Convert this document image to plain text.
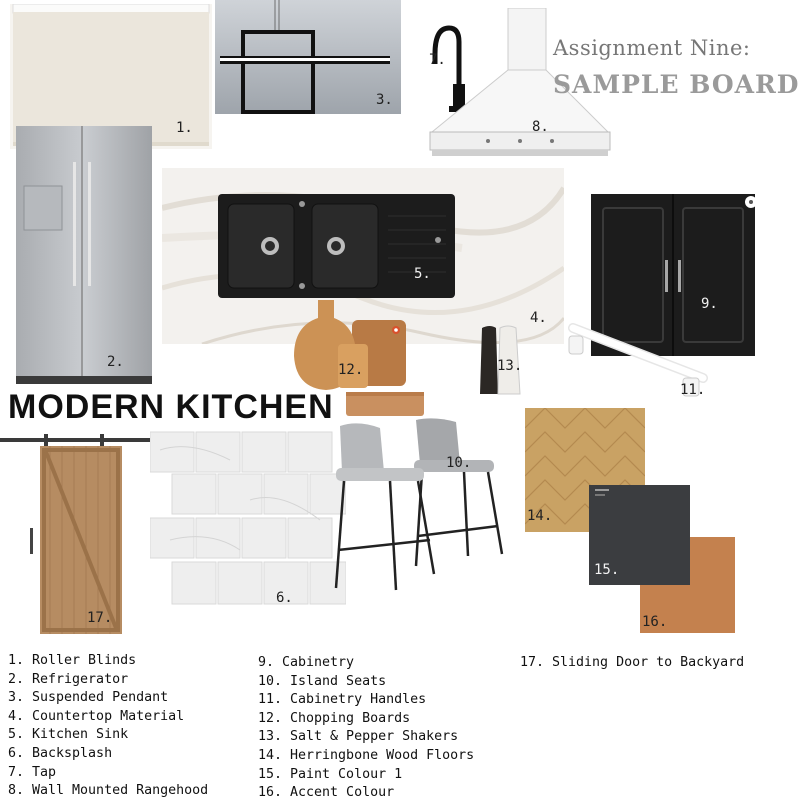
1.
3.
7.
8.
Assignment Nine:
SAMPLE BOARD
2.
4.
5.
9.
11.
12.	13.
MODERN KITCHEN
17.
6.
10.
14.
16.
15.
1. Roller Blinds
2. Refrigerator
3. Suspended Pendant
4. Countertop Material
5. Kitchen Sink
6. Backsplash
7. Tap
8. Wall Mounted Rangehood
9. Cabinetry
10. Island Seats
11. Cabinetry Handles
12. Chopping Boards
13. Salt & Pepper Shakers
14. Herringbone Wood Floors
15. Paint Colour 1
16. Accent Colour
17. Sliding Door to Backyard
